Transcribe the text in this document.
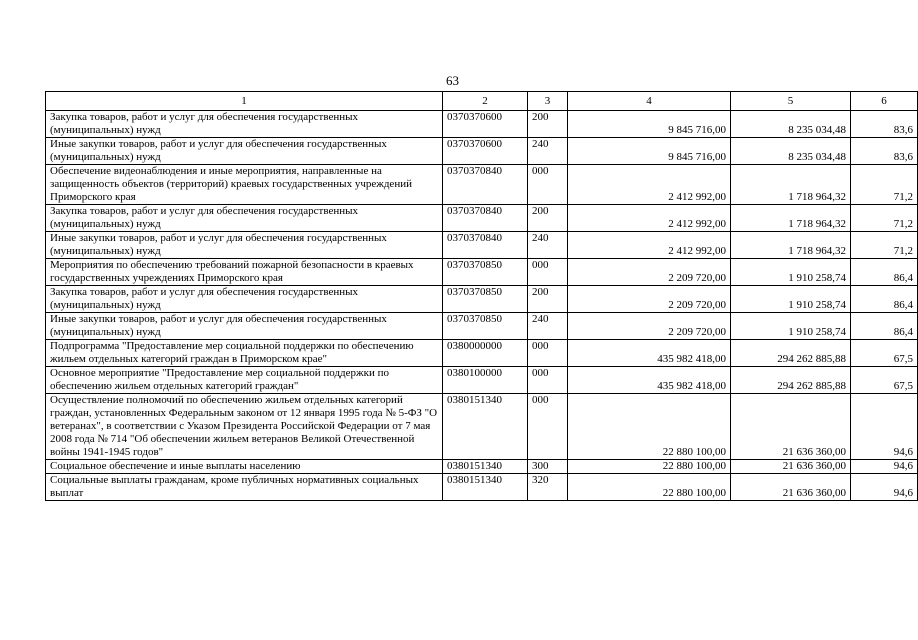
63
1	2	3	4	5	6
Закупка товаров, работ и услуг для обеспечения государственных (муниципальных) нужд	0370370600	200	9 845 716,00	8 235 034,48	83,6
Иные закупки товаров, работ и услуг для обеспечения государственных (муниципальных) нужд	0370370600	240	9 845 716,00	8 235 034,48	83,6
Обеспечение видеонаблюдения и иные мероприятия, направленные на защищенность объектов (территорий) краевых государственных учреждений Приморского края	0370370840	000	2 412 992,00	1 718 964,32	71,2
Закупка товаров, работ и услуг для обеспечения государственных (муниципальных) нужд	0370370840	200	2 412 992,00	1 718 964,32	71,2
Иные закупки товаров, работ и услуг для обеспечения государственных (муниципальных) нужд	0370370840	240	2 412 992,00	1 718 964,32	71,2
Мероприятия по обеспечению требований пожарной безопасности в краевых государственных учреждениях Приморского края	0370370850	000	2 209 720,00	1 910 258,74	86,4
Закупка товаров, работ и услуг для обеспечения государственных (муниципальных) нужд	0370370850	200	2 209 720,00	1 910 258,74	86,4
Иные закупки товаров, работ и услуг для обеспечения государственных (муниципальных) нужд	0370370850	240	2 209 720,00	1 910 258,74	86,4
Подпрограмма "Предоставление мер социальной поддержки по обеспечению жильем отдельных категорий граждан в Приморском крае"	0380000000	000	435 982 418,00	294 262 885,88	67,5
Основное мероприятие "Предоставление мер социальной поддержки по обеспечению жильем отдельных категорий граждан"	0380100000	000	435 982 418,00	294 262 885,88	67,5
Осуществление полномочий по обеспечению жильем отдельных категорий граждан, установленных Федеральным законом от 12 января 1995 года № 5-ФЗ "О ветеранах", в соответствии с Указом Президента Российской Федерации от 7 мая 2008 года № 714 "Об обеспечении жильем ветеранов Великой Отечественной войны 1941-1945 годов"	0380151340	000	22 880 100,00	21 636 360,00	94,6
Социальное обеспечение и иные выплаты населению	0380151340	300	22 880 100,00	21 636 360,00	94,6
Социальные выплаты гражданам, кроме публичных нормативных социальных выплат	0380151340	320	22 880 100,00	21 636 360,00	94,6
